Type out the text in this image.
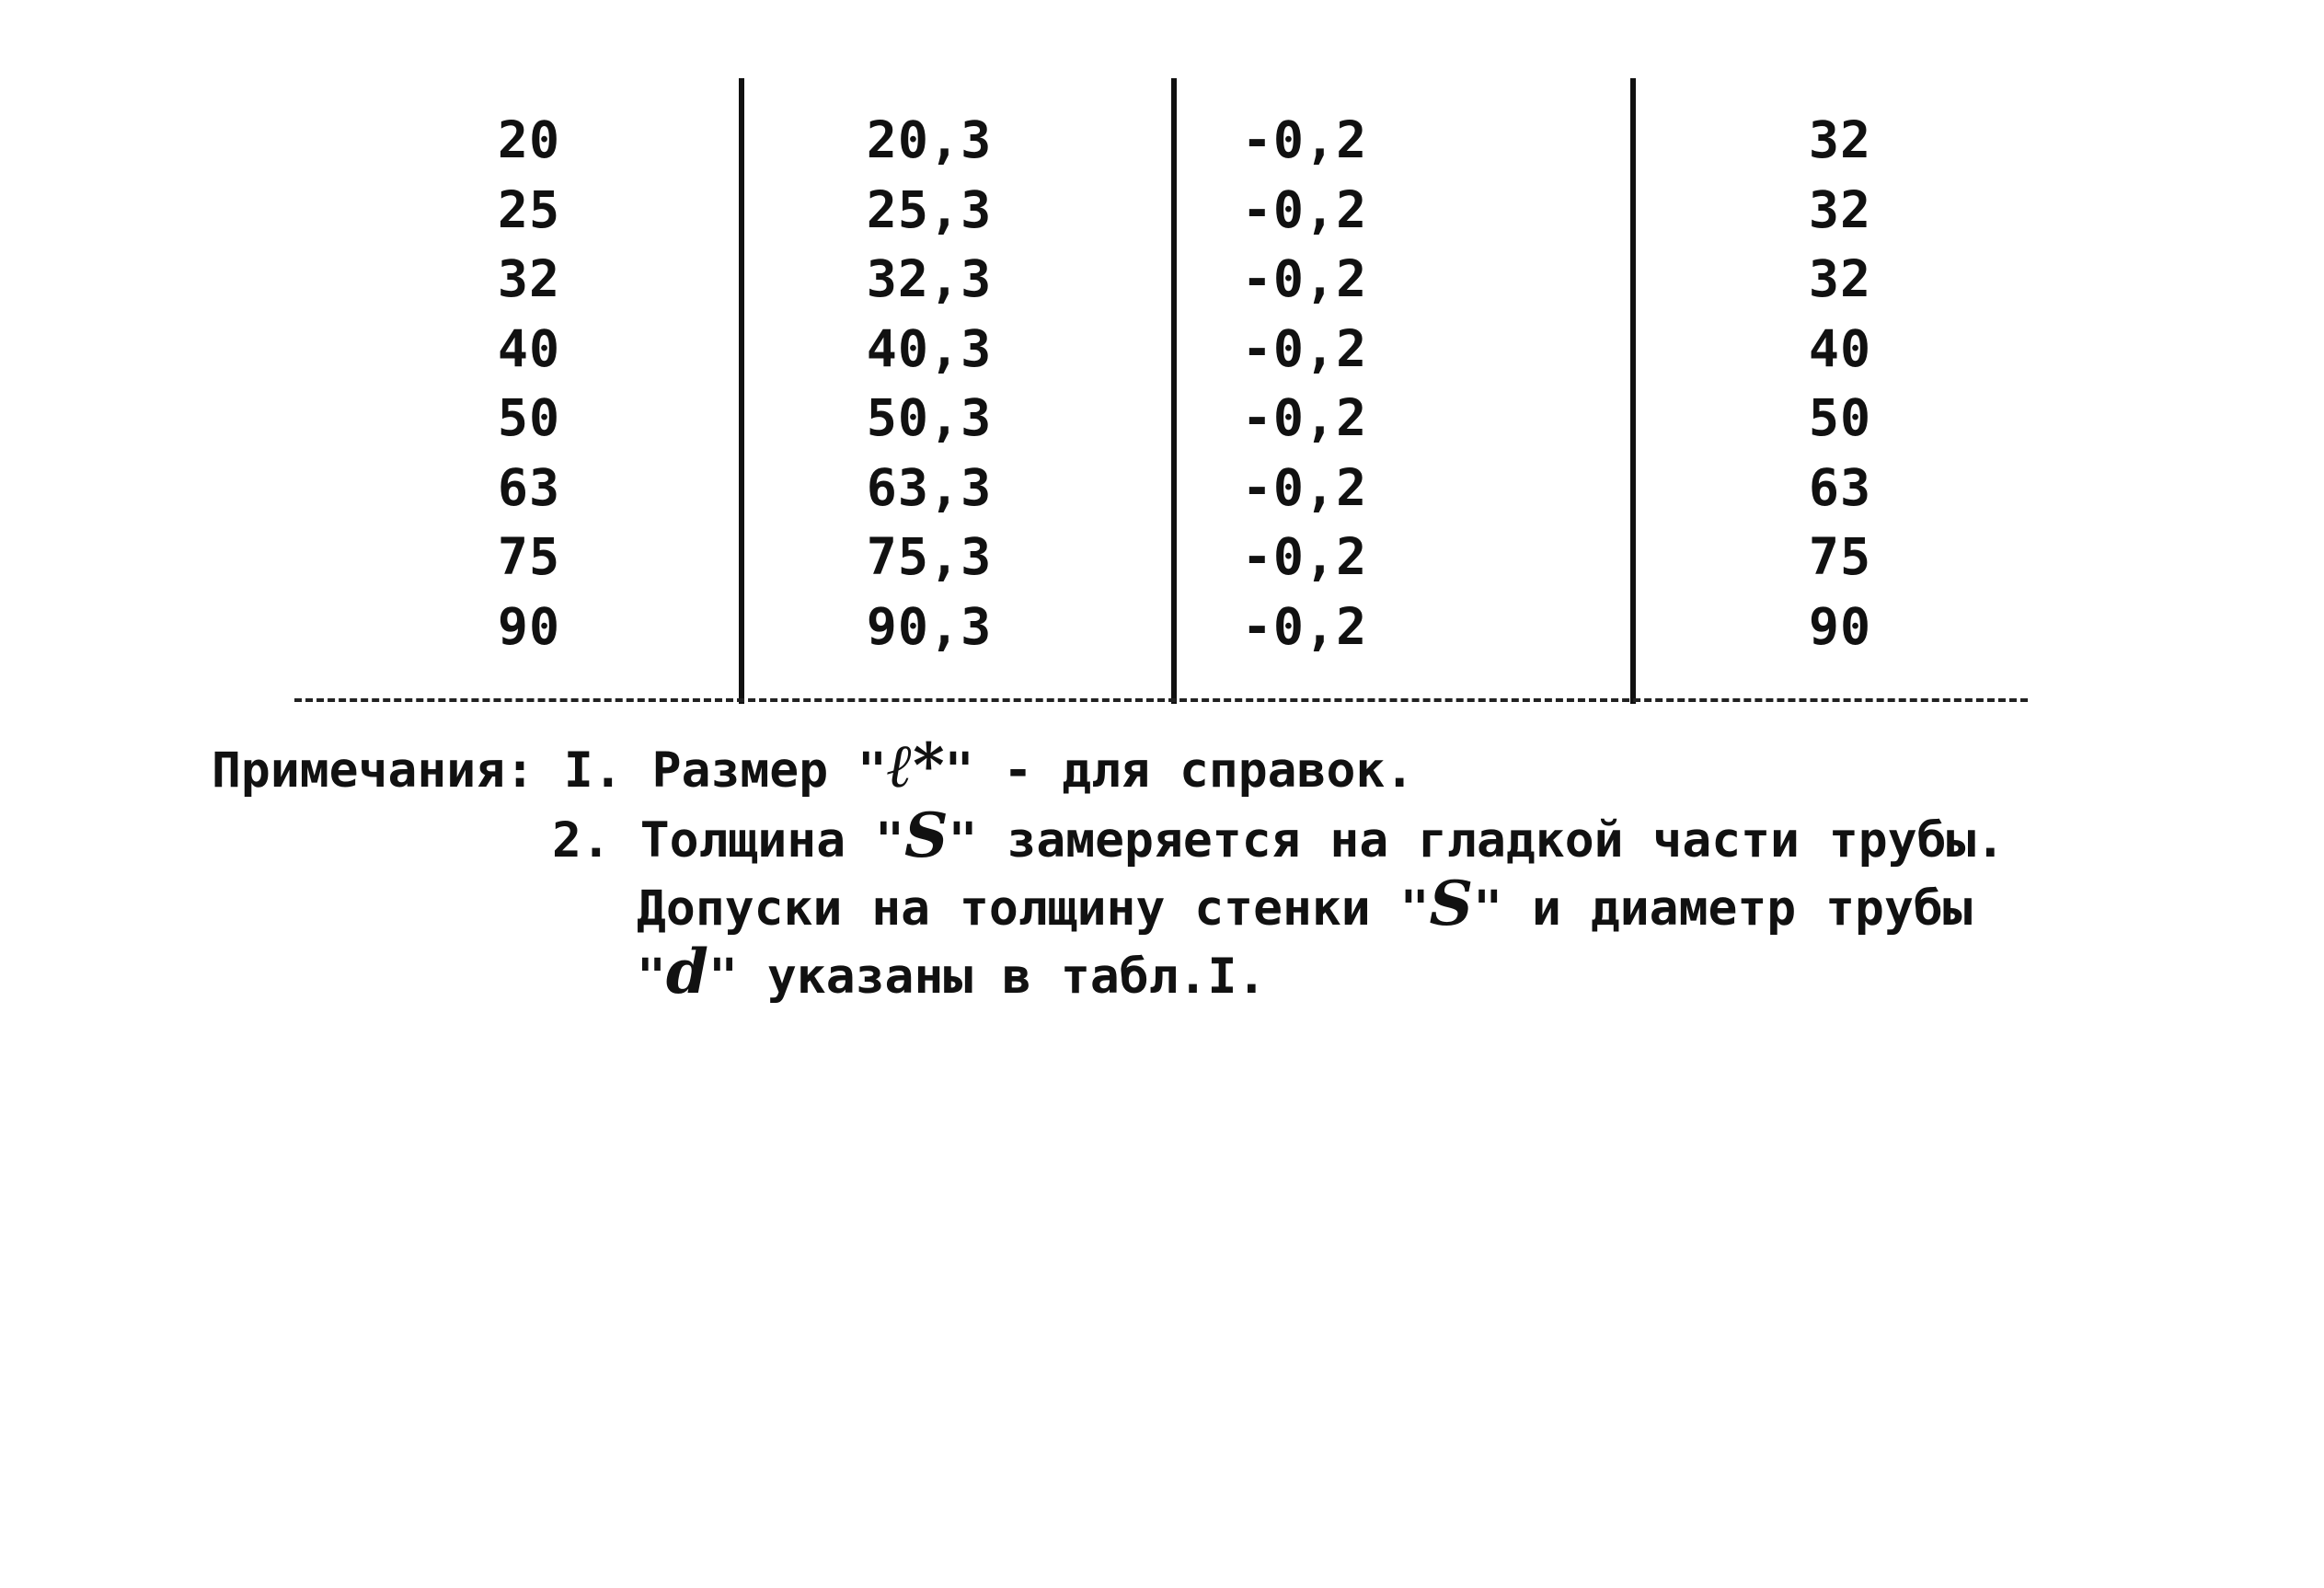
20	20,3	-0,2	32
25	25,3	-0,2	32
32	32,3	-0,2	32
40	40,3	-0,2	40
50	50,3	-0,2	50
63	63,3	-0,2	63
75	75,3	-0,2	75
90	90,3	-0,2	90
Примечания: I. Размер "ℓ*" - для справок.
2. Толщина "S" замеряется на гладкой части трубы.
Допуски на толщину стенки "S" и диаметр трубы
"d" указаны в табл.I.
